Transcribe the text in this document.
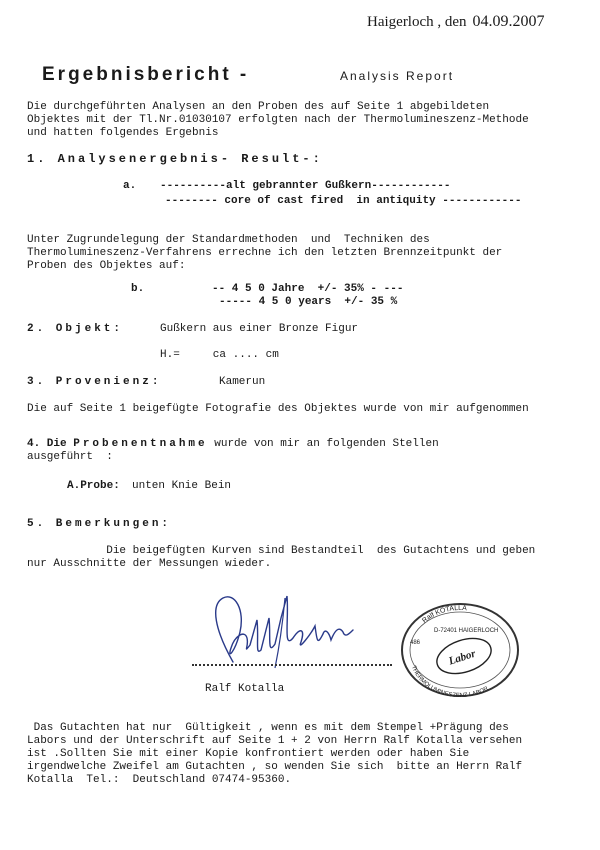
Haigerloch , den 04.09.2007
Ergebnisbericht -	Analysis Report
Die durchgeführten Analysen an den Proben des auf Seite 1 abgebildeten
Objektes mit der Tl.Nr.01030107 erfolgten nach der Thermolumineszenz-Methode
und hatten folgendes Ergebnis
1. Analysenergebnis- Result-:
a. ----------alt gebrannter Gußkern------------
-------- core of cast fired  in antiquity ------------
Unter Zugrundelegung der Standardmethoden  und  Techniken des
Thermolumineszenz-Verfahrens errechne ich den letzten Brennzeitpunkt der
Proben des Objektes auf:
b.	-- 4 5 0 Jahre  +/- 35% - ---
----- 4 5 0 years  +/- 35 %
2. Objekt:	Gußkern aus einer Bronze Figur
H.=     ca .... cm
3. Provenienz:	Kamerun
Die auf Seite 1 beigefügte Fotografie des Objektes wurde von mir aufgenommen
4. Die Probenentnahme wurde von mir an folgenden Stellen
ausgeführt  :
A.Probe: unten Knie Bein
5. Bemerkungen:
Die beigefügten Kurven sind Bestandteil  des Gutachtens und geben
nur Ausschnitte der Messungen wieder.
Ralf Kotalla
Ralf KOTALLA
D-72401 HAIGERLOCH
486
Labor
THERMOLUMINESZENZ LABOR
Das Gutachten hat nur  Gültigkeit , wenn es mit dem Stempel +Prägung des
Labors und der Unterschrift auf Seite 1 + 2 von Herrn Ralf Kotalla versehen
ist .Sollten Sie mit einer Kopie konfrontiert werden oder haben Sie
irgendwelche Zweifel am Gutachten , so wenden Sie sich  bitte an Herrn Ralf
Kotalla  Tel.:  Deutschland 07474-95360.
